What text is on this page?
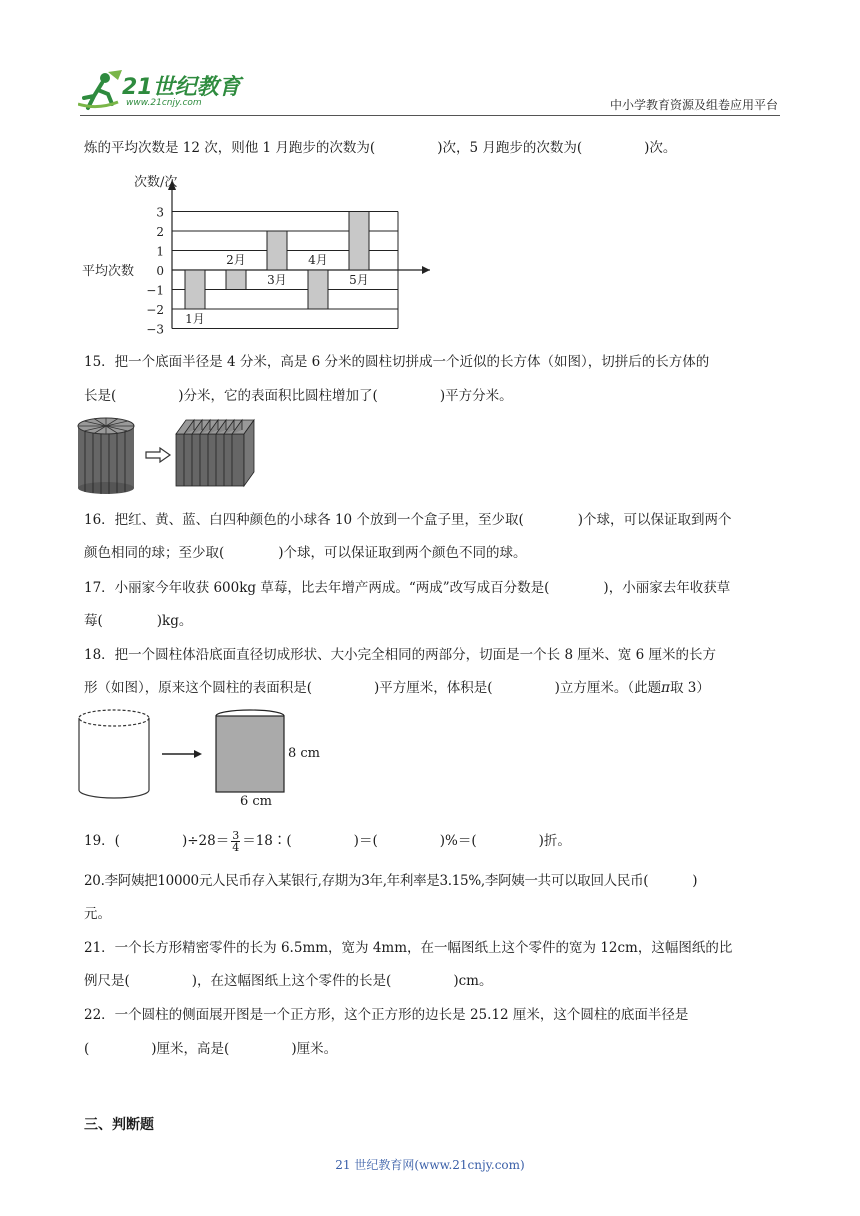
21世纪教育
www.21cnjy.com	中小学教育资源及组卷应用平台
炼的平均次数是 12 次，则他 1 月跑步的次数为(	)次，5 月跑步的次数为(	)次。
次数/次
平均次数
3
2
1
0
−1
−2
−3
1月
2月
3月
4月
5月
15．把一个底面半径是 4 分米，高是 6 分米的圆柱切拼成一个近似的长方体（如图），切拼后的长方体的
长是(	)分米，它的表面积比圆柱增加了(	)平方分米。
16．把红、黄、蓝、白四种颜色的小球各 10 个放到一个盒子里，至少取(	)个球，可以保证取到两个
颜色相同的球；至少取(	)个球，可以保证取到两个颜色不同的球。
17．小丽家今年收获 600kg 草莓，比去年增产两成。“两成”改写成百分数是(	)，小丽家去年收获草
莓(	)kg。
18．把一个圆柱体沿底面直径切成形状、大小完全相同的两部分，切面是一个长 8 厘米、宽 6 厘米的长方
形（如图），原来这个圆柱的表面积是(	)平方厘米，体积是(	)立方厘米。（此题π取 3）
8 cm
6 cm
19．(	)$\div 28= \frac{3}{4}$ ＝18∶(	)＝(	)%＝(	)折。
20.李阿姨把10000元人民币存入某银行,存期为3年,年利率是3.15%,李阿姨一共可以取回人民币(	)
元。
21．一个长方形精密零件的长为 6.5mm，宽为 4mm，在一幅图纸上这个零件的宽为 12cm，这幅图纸的比
例尺是(	)，在这幅图纸上这个零件的长是(	)cm。
22．一个圆柱的侧面展开图是一个正方形，这个正方形的边长是 25.12 厘米，这个圆柱的底面半径是
(	)厘米，高是(	)厘米。
三、判断题
21 世纪教育网(www.21cnjy.com)
